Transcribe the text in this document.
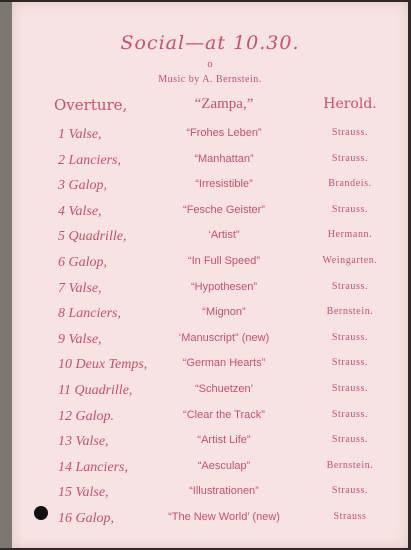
Social—at 10.30.
o
Music by A. Bernstein.
Overture,	“Zampa,”	Herold.
1 Valse,	“Frohes Leben”	Strauss.
2 Lanciers,	“Manhattan”	Strauss.
3 Galop,	“Irresistible”	Brandeis.
4 Valse,	“Fesche Geister”	Strauss.
5 Quadrille,	‘Artist”	Hermann.
6 Galop,	“In Full Speed”	Weingarten.
7 Valse,	“Hypothesen”	Strauss.
8 Lanciers,	“Mignon”	Bernstein.
9 Valse,	‘Manuscript” (new)	Strauss.
10 Deux Temps,	“German Hearts”	Strauss.
11 Quadrille,	“Schuetzen’	Strauss.
12 Galop.	“Clear the Track”	Strauss.
13 Valse,	“Artist Life”	Strauss.
14 Lanciers,	“Aesculap”	Bernstein.
15 Valse,	“Illustrationen”	Strauss.
16 Galop,	“The New World’ (new)	Strauss
